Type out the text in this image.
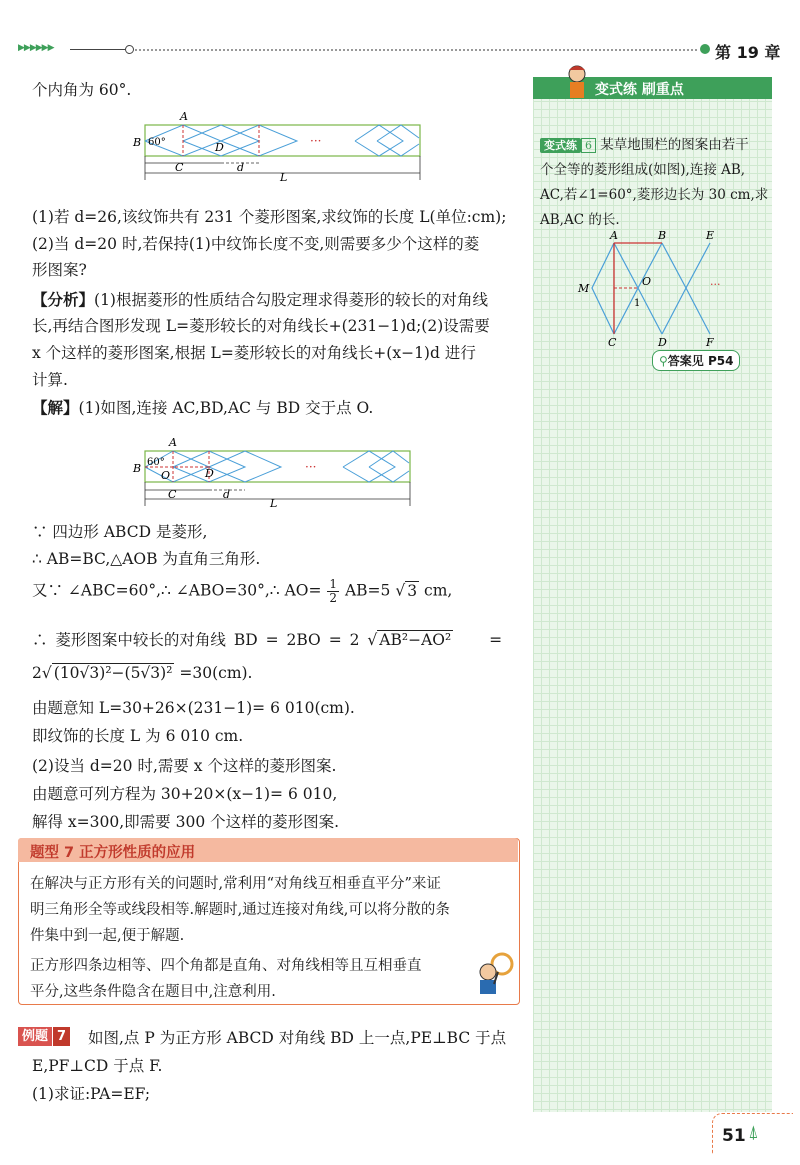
▶▶▶▶▶▶	第 19 章
个内角为 60°.
A
B 60°	D	···
C	d
L
(1)若 d=26,该纹饰共有 231 个菱形图案,求纹饰的长度 L(单位:cm);
(2)当 d=20 时,若保持(1)中纹饰长度不变,则需要多少个这样的菱
形图案?
【分析】(1)根据菱形的性质结合勾股定理求得菱形的较长的对角线
长,再结合图形发现 L=菱形较长的对角线长+(231−1)d;(2)设需要
x 个这样的菱形图案,根据 L=菱形较长的对角线长+(x−1)d 进行
计算.
【解】(1)如图,连接 AC,BD,AC 与 BD 交于点 O.
A
B 60°
O	D	···
C	d
L
∵ 四边形 ABCD 是菱形,
∴ AB=BC,△AOB 为直角三角形.
又∵ ∠ABC=60°,∴ ∠ABO=30°,∴ $AO= \frac{1}{2} AB=5$ √ 3 cm,
∴ 菱形图案中较长的对角线 BD = 2BO = 2 √ AB²−AO² =
2√ (10√3)²−(5√3)² =30(cm).
由题意知 L=30+26×(231−1)= 6 010(cm).
即纹饰的长度 L 为 6 010 cm.
(2)设当 d=20 时,需要 x 个这样的菱形图案.
由题意可列方程为 30+20×(x−1)= 6 010,
解得 x=300,即需要 300 个这样的菱形图案.
题型 7 正方形性质的应用
在解决与正方形有关的问题时,常利用“对角线互相垂直平分”来证
明三角形全等或线段相等.解题时,通过连接对角线,可以将分散的条
件集中到一起,便于解题.
正方形四条边相等、四个角都是直角、对角线相等且互相垂直
平分,这些条件隐含在题目中,注意利用.
例题 7 如图,点 P 为正方形 ABCD 对角线 BD 上一点,PE⊥BC 于点
E,PF⊥CD 于点 F.
(1)求证:PA=EF;
变式练 刷重点
变式练 6 某草地围栏的图案由若干
个全等的菱形组成(如图),连接 AB,
AC,若∠1=60°,菱形边长为 30 cm,求
AB,AC 的长.
A	B	E
M
O
1
···
C	D	F
⚲答案见 P54
51 ⍋
